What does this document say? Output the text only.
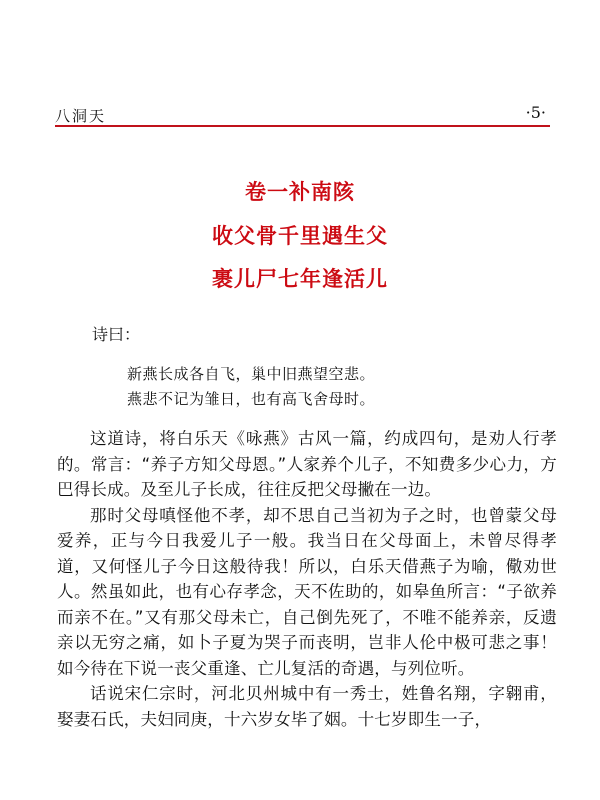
八洞天	·5·
卷一补南陔
收父骨千里遇生父
裹儿尸七年逢活儿
诗曰：
新燕长成各自飞，巢中旧燕望空悲。
燕悲不记为雏日，也有高飞舍母时。

这道诗，将白乐天《咏燕》古风一篇，约成四句，是劝人行孝的。常言：“养子方知父母恩。”人家养个儿子，不知费多少心力，方巴得长成。及至儿子长成，往往反把父母撇在一边。

那时父母嗔怪他不孝，却不思自己当初为子之时，也曾蒙父母爱养，正与今日我爱儿子一般。我当日在父母面上，未曾尽得孝道，又何怪儿子今日这般待我！所以，白乐天借燕子为喻，儆劝世人。然虽如此，也有心存孝念，天不佐助的，如皋鱼所言：“子欲养而亲不在。”又有那父母未亡，自己倒先死了，不唯不能养亲，反遗亲以无穷之痛，如卜子夏为哭子而丧明，岂非人伦中极可悲之事！如今待在下说一丧父重逢、亡儿复活的奇遇，与列位听。

话说宋仁宗时，河北贝州城中有一秀士，姓鲁名翔，字翱甫，娶妻石氏，夫妇同庚，十六岁女毕了姻。十七岁即生一子，
